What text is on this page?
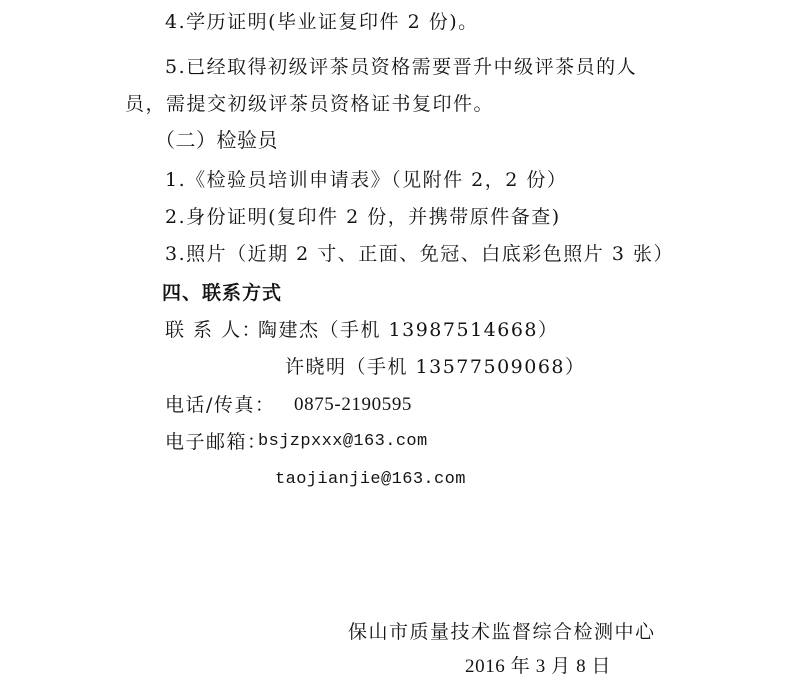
4.学历证明(毕业证复印件 2 份)。
5.已经取得初级评茶员资格需要晋升中级评茶员的人
员，需提交初级评茶员资格证书复印件。
（二）检验员
1.《检验员培训申请表》（见附件 2，2 份）
2.身份证明(复印件 2 份，并携带原件备查)
3.照片（近期 2 寸、正面、免冠、白底彩色照片 3 张）
四、联系方式
联 系 人：
陶建杰（手机 13987514668）
许晓明（手机 13577509068）
电话/传真： 0875-2190595
电子邮箱：
bsjzpxxx@163.com
taojianjie@163.com
保山市质量技术监督综合检测中心
2016 年 3 月 8 日
